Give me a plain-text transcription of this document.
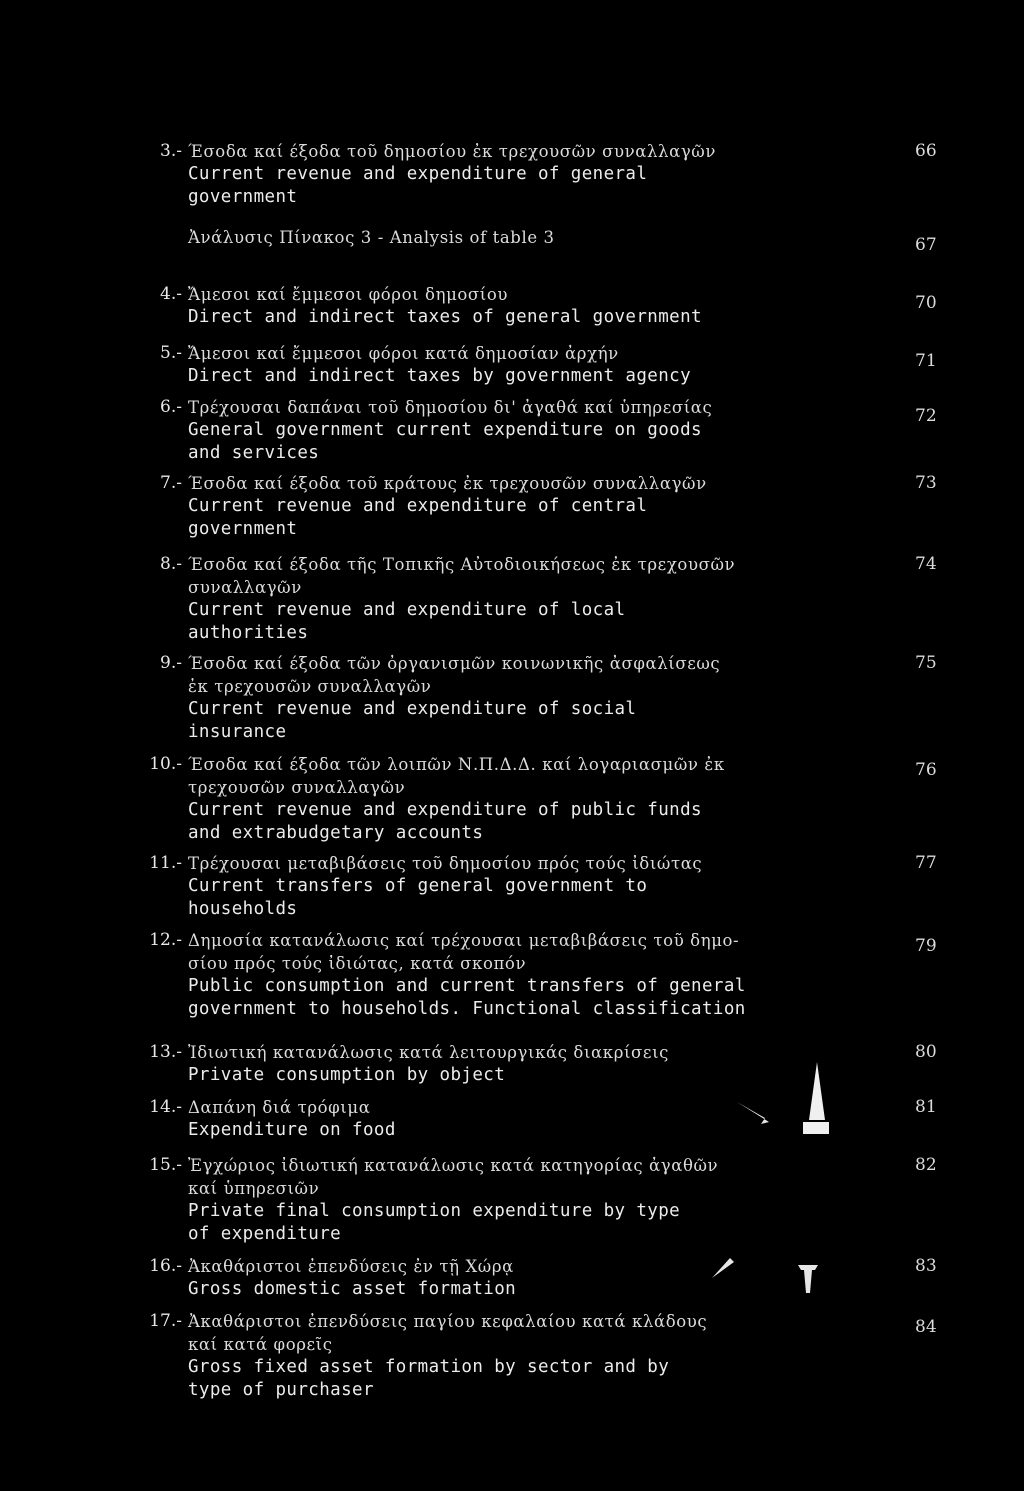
3.- Έσοδα καί έξοδα τοῦ δημοσίου ἐκ τρεχουσῶν συναλλαγῶν
Current revenue and expenditure of general
government
66
Ἀνάλυσις Πίνακος 3 - Analysis of table 3	67
4.- Ἄμεσοι καί ἔμμεσοι φόροι δημοσίου
Direct and indirect taxes of general government
70
5.- Ἄμεσοι καί ἔμμεσοι φόροι κατά δημοσίαν ἀρχήν
Direct and indirect taxes by government agency
71
6.- Τρέχουσαι δαπάναι τοῦ δημοσίου δι' ἀγαθά καί ὑπηρεσίας
General government current expenditure on goods
and services
72
7.- Έσοδα καί έξοδα τοῦ κράτους ἐκ τρεχουσῶν συναλλαγῶν
Current revenue and expenditure of central
government
73
8.- Έσοδα καί έξοδα τῆς Τοπικῆς Αὐτοδιοικήσεως ἐκ τρεχουσῶν
συναλλαγῶν
Current revenue and expenditure of local
authorities
74
9.- Έσοδα καί έξοδα τῶν ὀργανισμῶν κοινωνικῆς ἀσφαλίσεως
ἐκ τρεχουσῶν συναλλαγῶν
Current revenue and expenditure of social
insurance
75
10.- Έσοδα καί έξοδα τῶν λοιπῶν Ν.Π.Δ.Δ. καί λογαριασμῶν ἐκ
τρεχουσῶν συναλλαγῶν
Current revenue and expenditure of public funds
and extrabudgetary accounts
76
11.- Τρέχουσαι μεταβιβάσεις τοῦ δημοσίου πρός τούς ἰδιώτας
Current transfers of general government to
households
77
12.- Δημοσία κατανάλωσις καί τρέχουσαι μεταβιβάσεις τοῦ δημο-
σίου πρός τούς ἰδιώτας, κατά σκοπόν
Public consumption and current transfers of general
government to households. Functional classification
79
13.- Ἰδιωτική κατανάλωσις κατά λειτουργικάς διακρίσεις
Private consumption by object
80
14.- Δαπάνη διά τρόφιμα
Expenditure on food
81
15.- Ἐγχώριος ἰδιωτική κατανάλωσις κατά κατηγορίας ἀγαθῶν
καί ὑπηρεσιῶν
Private final consumption expenditure by type
of expenditure
82
16.- Ἀκαθάριστοι ἐπενδύσεις ἐν τῇ Χώρᾳ
Gross domestic asset formation
83
17.- Ἀκαθάριστοι ἐπενδύσεις παγίου κεφαλαίου κατά κλάδους
καί κατά φορεῖς
Gross fixed asset formation by sector and by
type of purchaser
84
